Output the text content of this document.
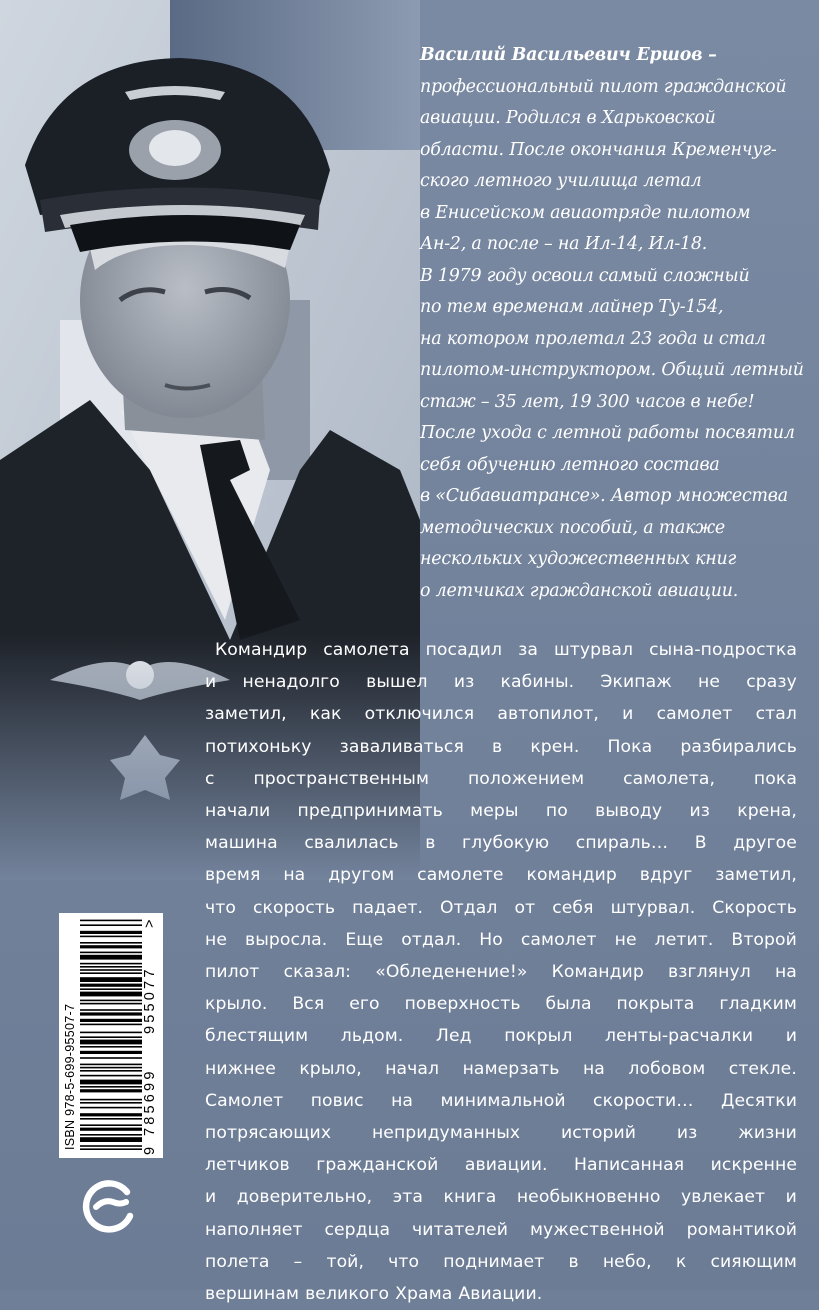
Василий Васильевич Ершов –
профессиональный пилот гражданской
авиации. Родился в Харьковской
области. После окончания Кременчуг-
ского летного училища летал
в Енисейском авиаотряде пилотом
Ан-2, а после – на Ил-14, Ил-18.
В 1979 году освоил самый сложный
по тем временам лайнер Ту-154,
на котором пролетал 23 года и стал
пилотом-инструктором. Общий летный
стаж – 35 лет, 19 300 часов в небе!
После ухода с летной работы посвятил
себя обучению летного состава
в «Сибавиатрансе». Автор множества
методических пособий, а также
нескольких художественных книг
о летчиках гражданской авиации.
Командир самолета посадил за штурвал сына-подростка
и ненадолго вышел из кабины. Экипаж не сразу
заметил, как отключился автопилот, и самолет стал
потихоньку заваливаться в крен. Пока разбирались
с пространственным положением самолета, пока
начали предпринимать меры по выводу из крена,
машина свалилась в глубокую спираль… В другое
время на другом самолете командир вдруг заметил,
что скорость падает. Отдал от себя штурвал. Скорость
не выросла. Еще отдал. Но самолет не летит. Второй
пилот сказал: «Обледенение!» Командир взглянул на
крыло. Вся его поверхность была покрыта гладким
блестящим льдом. Лед покрыл ленты-расчалки и
нижнее крыло, начал намерзать на лобовом стекле.
Самолет повис на минимальной скорости… Десятки
потрясающих непридуманных историй из жизни
летчиков гражданской авиации. Написанная искренне
и доверительно, эта книга необыкновенно увлекает и
наполняет сердца читателей мужественной романтикой
полета – той, что поднимает в небо, к сияющим
вершинам великого Храма Авиации.
ISBN 978-5-699-95507-7
9
785699
955077
>
